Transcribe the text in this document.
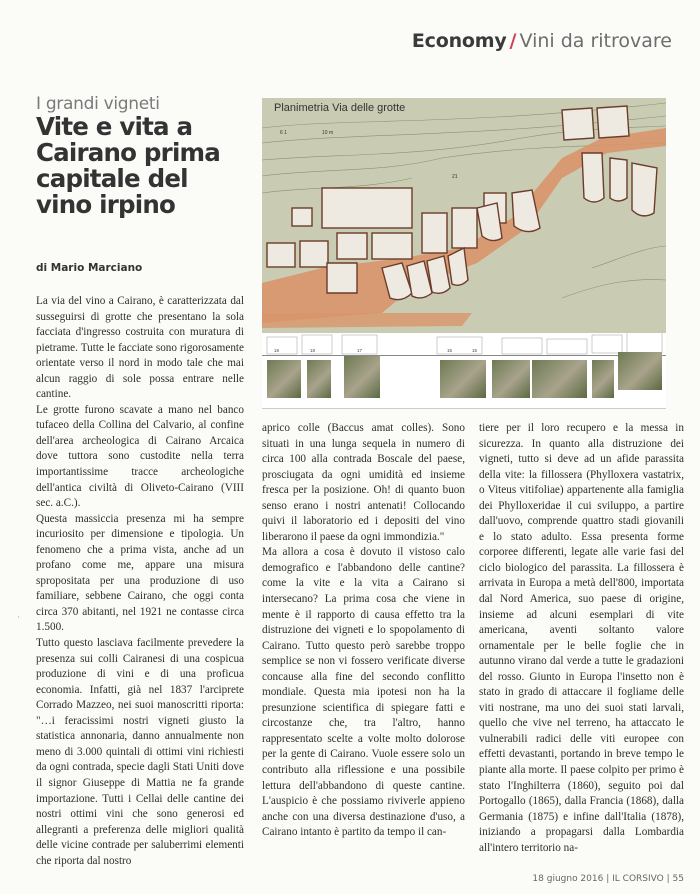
Economy / Vini da ritrovare
I grandi vigneti
Vite e vita a Cairano prima capitale del vino irpino
di Mario Marciano
21
Planimetria Via delle grotte
6 1	10 m
18	18	17	15	15

La via del vino a Cairano, è caratterizzata dal susseguirsi di grotte che presentano la sola facciata d'ingresso costruita con muratura di pietrame. Tutte le facciate sono rigorosamente orientate verso il nord in modo tale che mai alcun raggio di sole possa entrare nelle cantine.

Le grotte furono scavate a mano nel banco tufaceo della Collina del Calvario, al confine dell'area archeologica di Cairano Arcaica dove tuttora sono custodite nella terra importantissime tracce archeologiche dell'antica civiltà di Oliveto-Cairano (VIII sec. a.C.).

Questa massiccia presenza mi ha sempre incuriosito per dimensione e tipologia. Un fenomeno che a prima vista, anche ad un profano come me, appare una misura spropositata per una produzione di uso familiare, sebbene Cairano, che oggi conta circa 370 abitanti, nel 1921 ne contasse circa 1.500.

Tutto questo lasciava facilmente prevedere la presenza sui colli Cairanesi di una cospicua produzione di vini e di una proficua economia. Infatti, già nel 1837 l'arciprete Corrado Mazzeo, nei suoi manoscritti riporta: "…i feracissimi nostri vigneti giusto la statistica annonaria, danno annualmente non meno di 3.000 quintali di ottimi vini richiesti da ogni contrada, specie dagli Stati Uniti dove il signor Giuseppe di Mattia ne fa grande importazione. Tutti i Cellai delle cantine dei nostri ottimi vini che sono generosi ed allegranti a preferenza delle migliori qualità delle vicine contrade per saluberrimi elementi che riporta dal nostro

'

aprico colle (Baccus amat colles). Sono situati in una lunga sequela in numero di circa 100 alla contrada Boscale del paese, prosciugata da ogni umidità ed insieme fresca per la posizione. Oh! di quanto buon senso erano i nostri antenati! Collocando quivi il laboratorio ed i depositi del vino liberarono il paese da ogni immondizia."

Ma allora a cosa è dovuto il vistoso calo demografico e l'abbandono delle cantine? come la vite e la vita a Cairano si intersecano? La prima cosa che viene in mente è il rapporto di causa effetto tra la distruzione dei vigneti e lo spopolamento di Cairano. Tutto questo però sarebbe troppo semplice se non vi fossero verificate diverse concause alla fine del secondo conflitto mondiale. Questa mia ipotesi non ha la presunzione scientifica di spiegare fatti e circostanze che, tra l'altro, hanno rappresentato scelte a volte molto dolorose per la gente di Cairano. Vuole essere solo un contributo alla riflessione e una possibile lettura dell'abbandono di queste cantine. L'auspicio è che possiamo riviverle appieno anche con una diversa destinazione d'uso, a Cairano intanto è partito da tempo il can-

tiere per il loro recupero e la messa in sicurezza. In quanto alla distruzione dei vigneti, tutto si deve ad un afide parassita della vite: la fillossera (Phylloxera vastatrix, o Viteus vitifoliae) appartenente alla famiglia dei Phylloxeridae il cui sviluppo, a partire dall'uovo, comprende quattro stadi giovanili e lo stato adulto. Essa presenta forme corporee differenti, legate alle varie fasi del ciclo biologico del parassita. La fillossera è arrivata in Europa a metà dell'800, importata dal Nord America, suo paese di origine, insieme ad alcuni esemplari di vite americana, aventi soltanto valore ornamentale per le belle foglie che in autunno virano dal verde a tutte le gradazioni del rosso. Giunto in Europa l'insetto non è stato in grado di attaccare il fogliame delle viti nostrane, ma uno dei suoi stati larvali, quello che vive nel terreno, ha attaccato le vulnerabili radici delle viti europee con effetti devastanti, portando in breve tempo le piante alla morte. Il paese colpito per primo è stato l'Inghilterra (1860), seguito poi dal Portogallo (1865), dalla Francia (1868), dalla Germania (1875) e infine dall'Italia (1878), iniziando a propagarsi dalla Lombardia all'intero territorio na-

18 giugno 2016 | IL CORSIVO | 55
